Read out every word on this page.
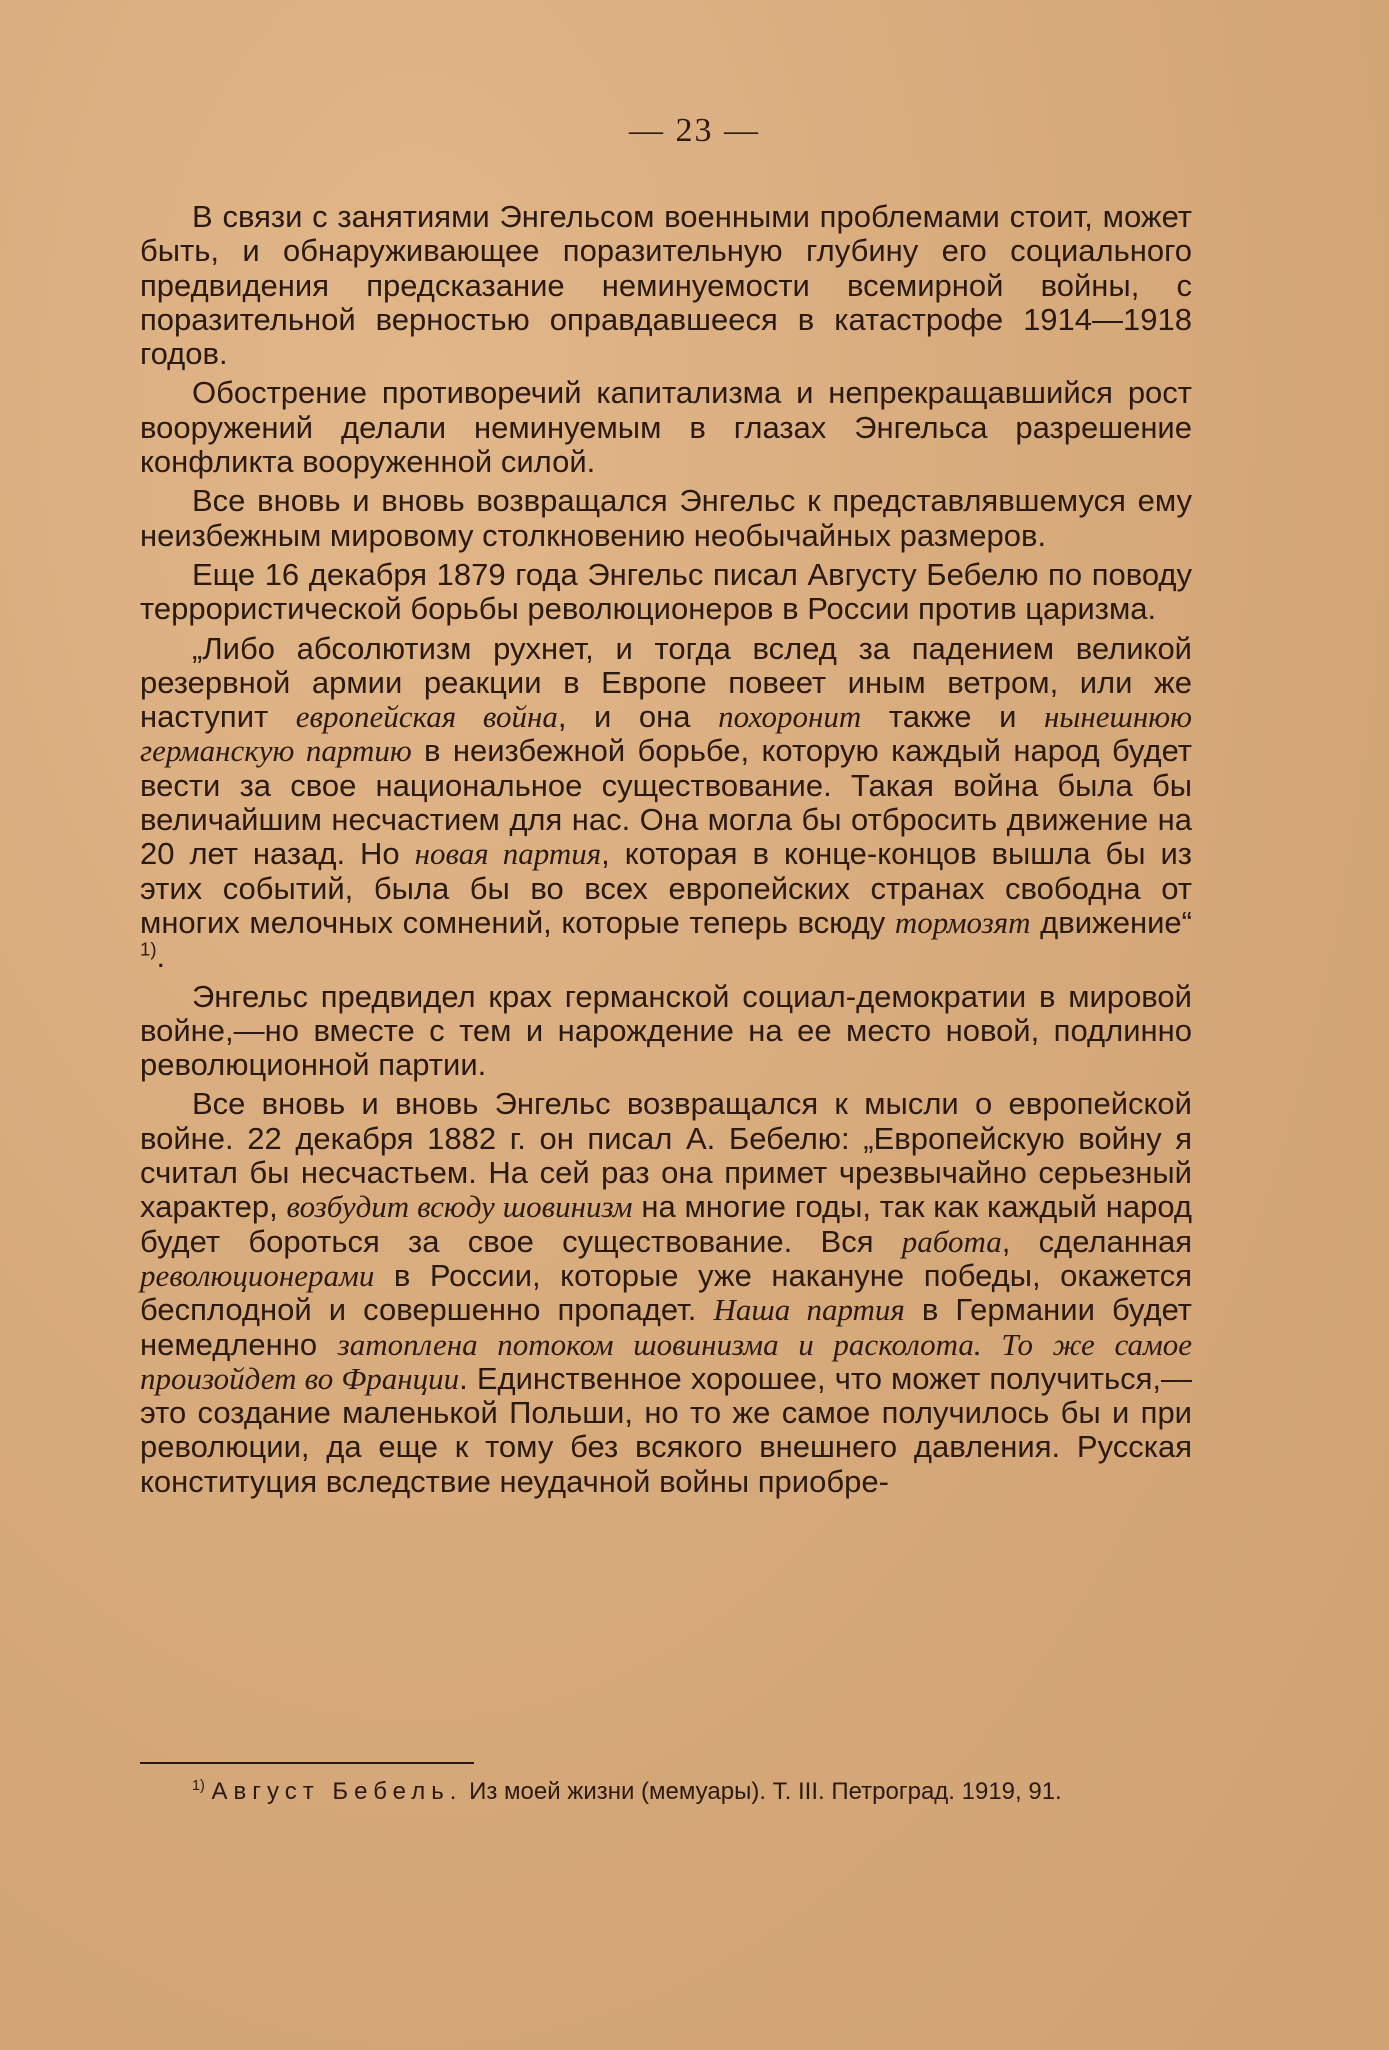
— 23 —

В связи с занятиями Энгельсом военными проблемами стоит, может быть, и обнаруживающее поразительную глубину его социального предвидения предсказание неминуемости всемирной войны, с поразительной верностью оправдавшееся в катастрофе 1914—1918 годов.

Обострение противоречий капитализма и непрекращавшийся рост вооружений делали неминуемым в глазах Энгельса разрешение конфликта вооруженной силой.

Все вновь и вновь возвращался Энгельс к представлявшемуся ему неизбежным мировому столкновению необычайных размеров.

Еще 16 декабря 1879 года Энгельс писал Августу Бебелю по поводу террористической борьбы революционеров в России против царизма.

„Либо абсолютизм рухнет, и тогда вслед за падением великой резервной армии реакции в Европе повеет иным ветром, или же наступит европейская война, и она похоронит также и нынешнюю германскую партию в неизбежной борьбе, которую каждый народ будет вести за свое национальное существование. Такая война была бы величайшим несчастием для нас. Она могла бы отбросить движение на 20 лет назад. Но новая партия, которая в конце-концов вышла бы из этих событий, была бы во всех европейских странах свободна от многих мелочных сомнений, которые теперь всюду тормозят движение“ $^{1)}$.

Энгельс предвидел крах германской социал-демократии в мировой войне,—но вместе с тем и нарождение на ее место новой, подлинно революционной партии.

Все вновь и вновь Энгельс возвращался к мысли о европейской войне. 22 декабря 1882 г. он писал А. Бебелю: „Европейскую войну я считал бы несчастьем. На сей раз она примет чрезвычайно серьезный характер, возбудит всюду шовинизм на многие годы, так как каждый народ будет бороться за свое существование. Вся работа, сделанная революционерами в России, которые уже накануне победы, окажется бесплодной и совершенно пропадет. Наша партия в Германии будет немедленно затоплена потоком шовинизма и расколота. То же самое произойдет во Франции. Единственное хорошее, что может получиться,—это создание маленькой Польши, но то же самое получилось бы и при революции, да еще к тому без всякого внешнего давления. Русская конституция вследствие неудачной войны приобре-

$^{1)}$ Август Бебель. Из моей жизни (мемуары). Т. III. Петроград. 1919, 91.
